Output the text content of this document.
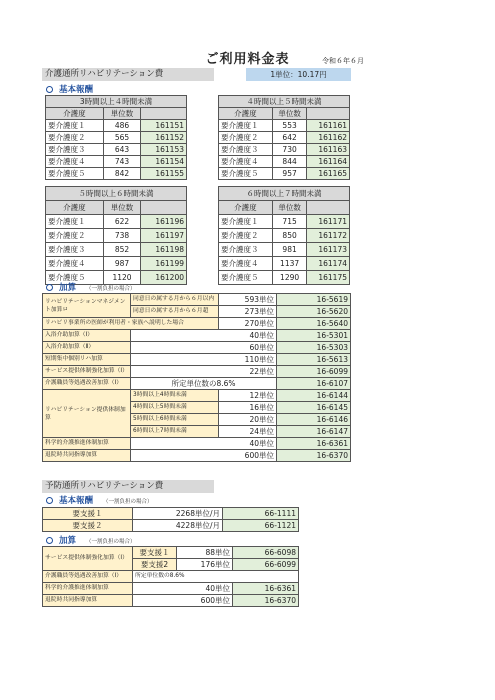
ご利用料金表	令和６年６月
介護通所リハビリテーション費	1単位：10.17円
基本報酬
3時間以上４時間未満		
介護度	単位数	
要介護度１	486	161151
要介護度２	565	161152
要介護度３	643	161153
要介護度４	743	161154
要介護度５	842	161155
４時間以上５時間未満		
介護度	単位数	
要介護度１	553	161161
要介護度２	642	161162
要介護度３	730	161163
要介護度４	844	161164
要介護度５	957	161165
５時間以上６時間未満		
介護度	単位数	
要介護度１	622	161196
要介護度２	738	161197
要介護度３	852	161198
要介護度４	987	161199
要介護度５	1120	161200
６時間以上７時間未満		
介護度	単位数	
要介護度１	715	161171
要介護度２	850	161172
要介護度３	981	161173
要介護度４	1137	161174
要介護度５	1290	161175
加算 （一割負担の場合）
リハビリテーションマネジメント加算ロ	同意日の属する月から６月以内	593単位	16-5619
	同意日の属する月から６月超	273単位	16-5620
リハビリ事業所の医師が利用者・家族へ説明した場合		270単位	16-5640
入浴介助加算（Ⅰ）	40単位		16-5301
入浴介助加算（Ⅱ）	60単位		16-5303
短期集中個別リハ加算	110単位		16-5613
サービス提供体制強化加算（Ⅰ）	22単位		16-6099
介護職員等処遇改善加算（Ⅰ）	所定単位数の8.6%		16-6107
リハビリテーション提供体制加算	3時間以上4時間未満	12単位	16-6144
	4時間以上5時間未満	16単位	16-6145
	5時間以上6時間未満	20単位	16-6146
	6時間以上7時間未満	24単位	16-6147
科学的介護推進体制加算	40単位		16-6361
退院時共同指導加算	600単位		16-6370
予防通所リハビリテーション費
基本報酬 （一割負担の場合）
要支援１	2268単位/月	66-1111
要支援２	4228単位/月	66-1121
加算 （一割負担の場合）
サービス提供体制強化加算（Ⅰ）	要支援１	88単位	66-6098
	要支援2	176単位	66-6099
介護職員等処遇改善加算（Ⅰ）	所定単位数の8.6%		
科学的介護推進体制加算	40単位		16-6361
退院時共同指導加算	600単位		16-6370
